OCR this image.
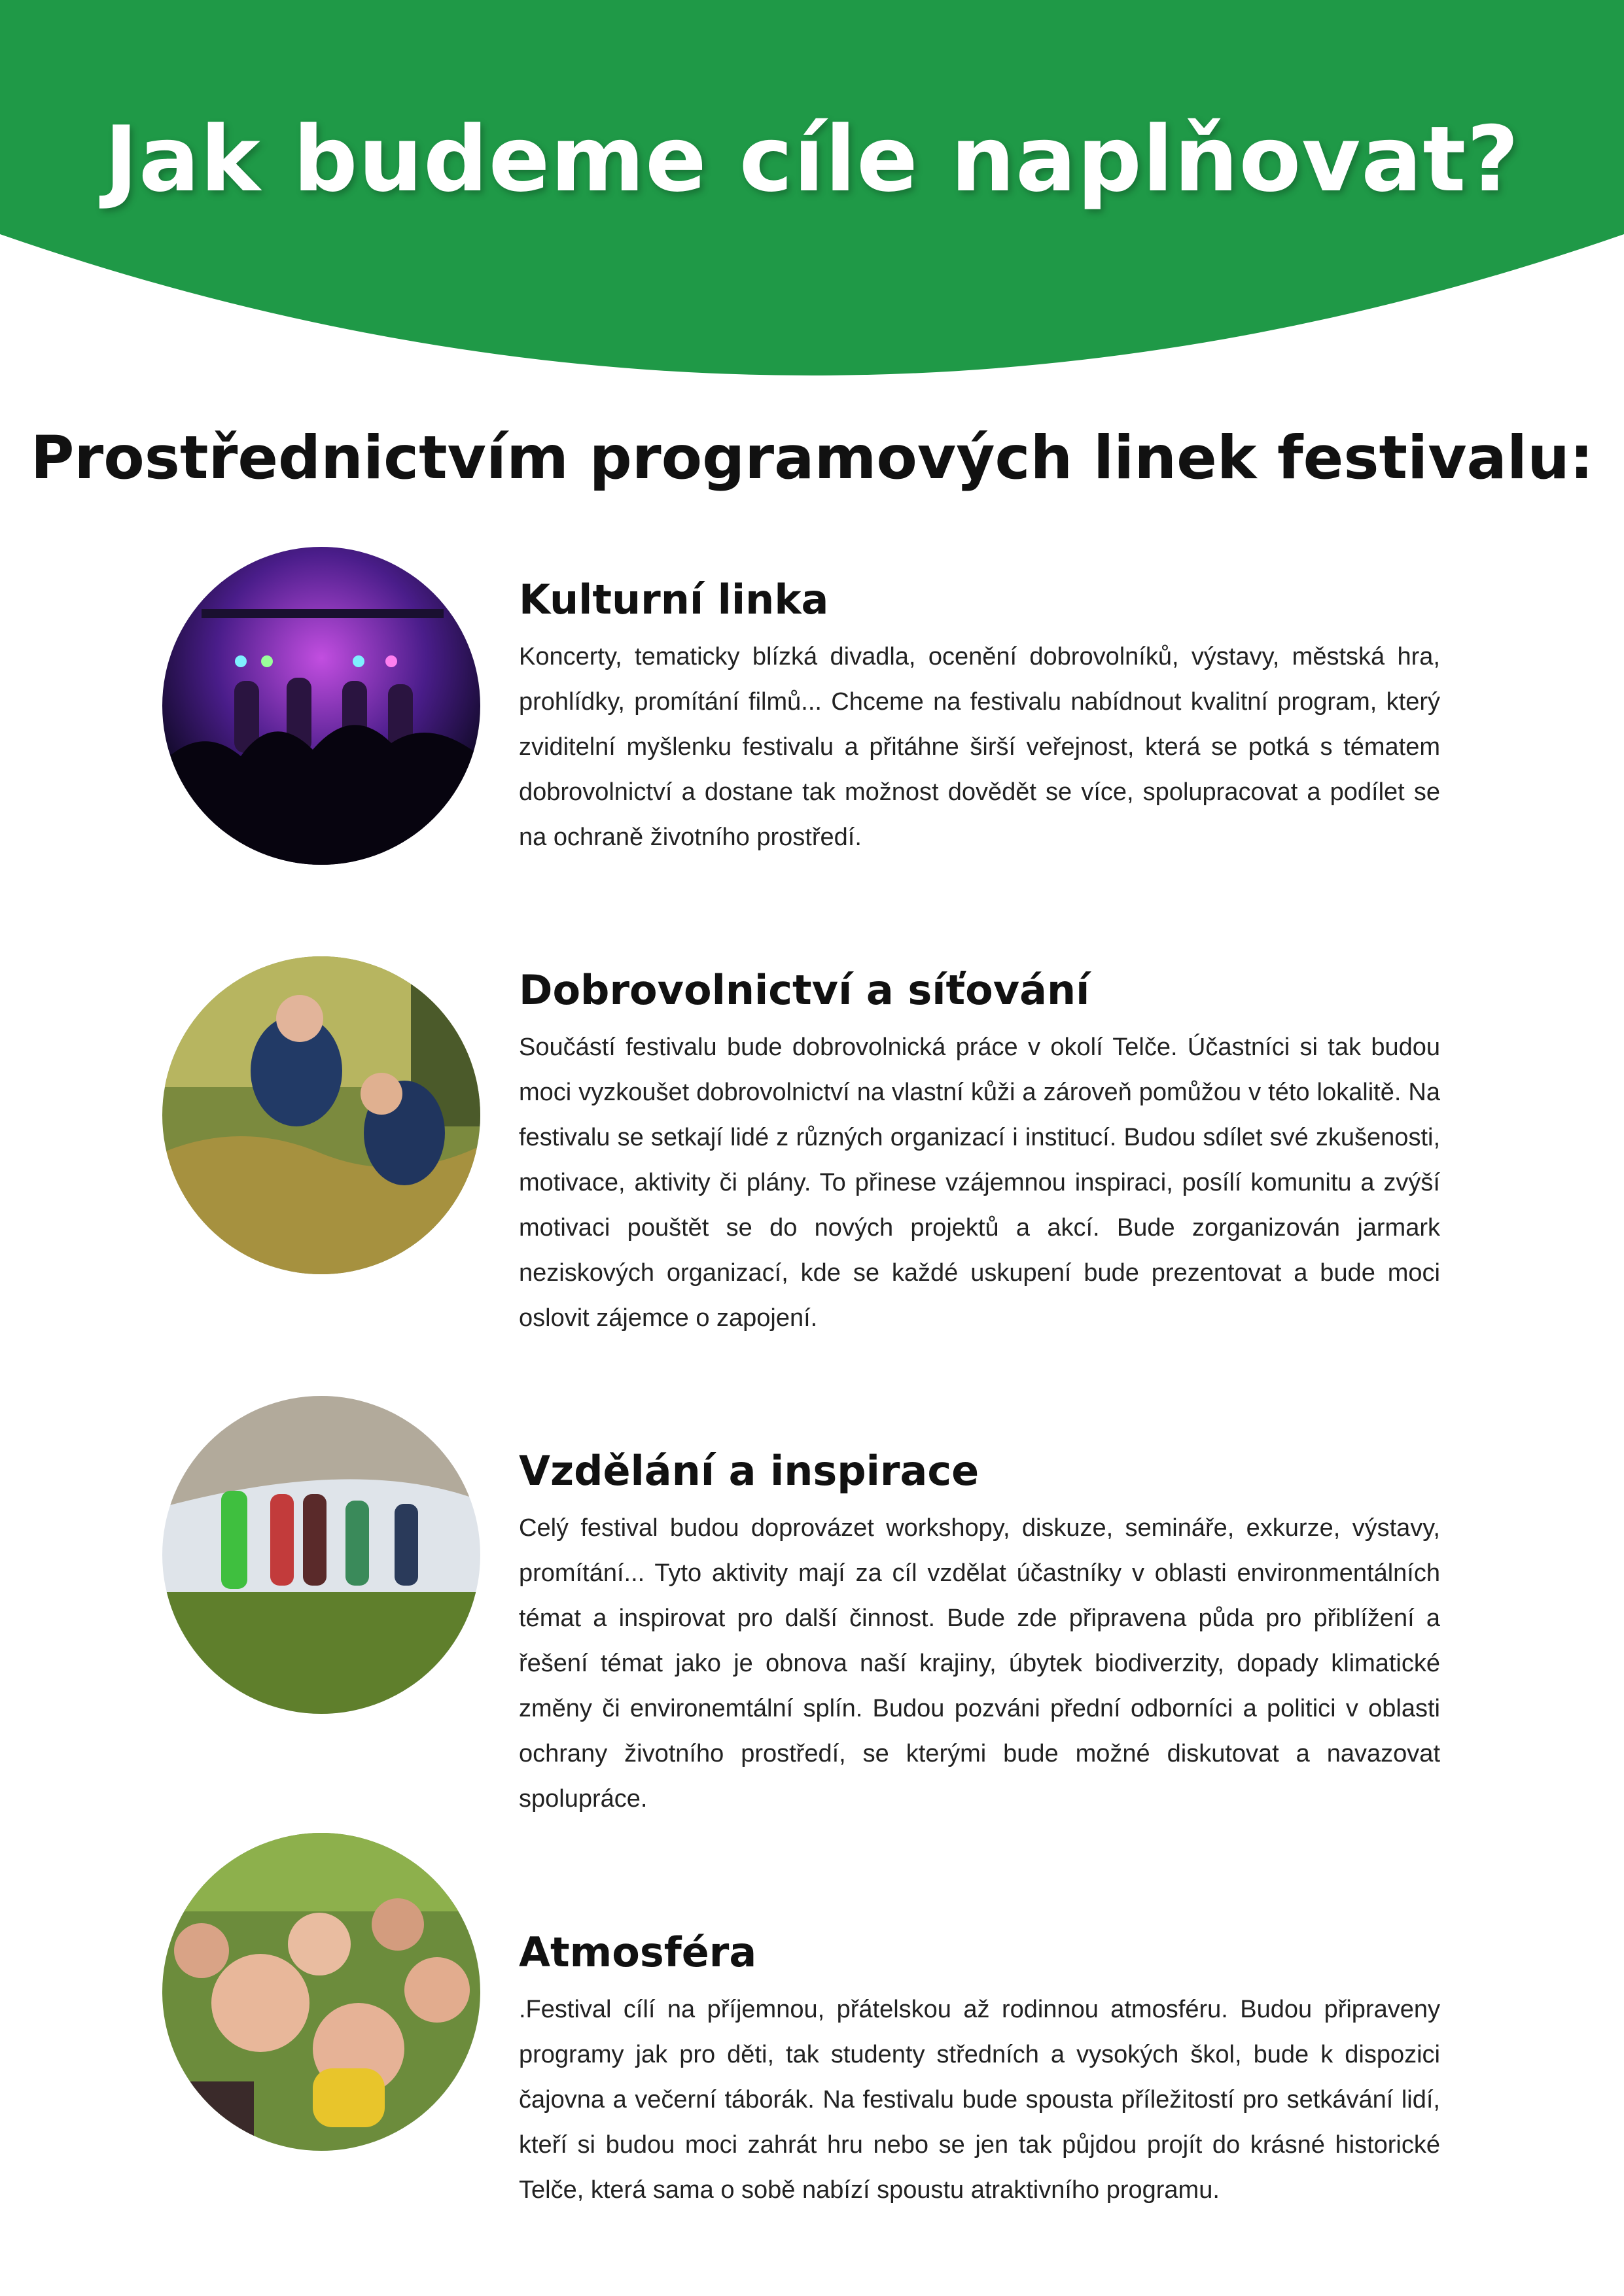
Jak budeme cíle naplňovat?
Prostřednictvím programových linek festivalu:
Kulturní linka

Koncerty, tematicky blízká divadla, ocenění dobrovolníků, výstavy, městská hra, prohlídky, promítání filmů... Chceme na festivalu nabídnout kvalitní program, který zviditelní myšlenku festivalu a přitáhne širší veřejnost, která se potká s tématem dobrovolnictví a dostane tak možnost dovědět se více, spolupracovat a podílet se na ochraně životního prostředí.

Dobrovolnictví a síťování

Součástí festivalu bude dobrovolnická práce v okolí Telče. Účastníci si tak budou moci vyzkoušet dobrovolnictví na vlastní kůži a zároveň pomůžou v této lokalitě. Na festivalu se setkají lidé z různých organizací i institucí. Budou sdílet své zkušenosti, motivace, aktivity či plány. To přinese vzájemnou inspiraci, posílí komunitu a zvýší motivaci pouštět se do nových projektů a akcí. Bude zorganizován jarmark neziskových organizací, kde se každé uskupení bude prezentovat a bude moci oslovit zájemce o zapojení.

Vzdělání a inspirace

Celý festival budou doprovázet workshopy, diskuze, semináře, exkurze, výstavy, promítání... Tyto aktivity mají za cíl vzdělat účastníky v oblasti environmentálních témat a inspirovat pro další činnost. Bude zde připravena půda pro přiblížení a řešení témat jako je obnova naší krajiny, úbytek biodiverzity, dopady klimatické změny či environemtální splín. Budou pozváni přední odborníci a politici v oblasti ochrany životního prostředí, se kterými bude možné diskutovat a navazovat spolupráce.

Atmosféra

.Festival cílí na příjemnou, přátelskou až rodinnou atmosféru. Budou připraveny programy jak pro děti, tak studenty středních a vysokých škol, bude k dispozici čajovna a večerní táborák. Na festivalu bude spousta příležitostí pro setkávání lidí, kteří si budou moci zahrát hru nebo se jen tak půjdou projít do krásné historické Telče, která sama o sobě nabízí spoustu atraktivního programu.
